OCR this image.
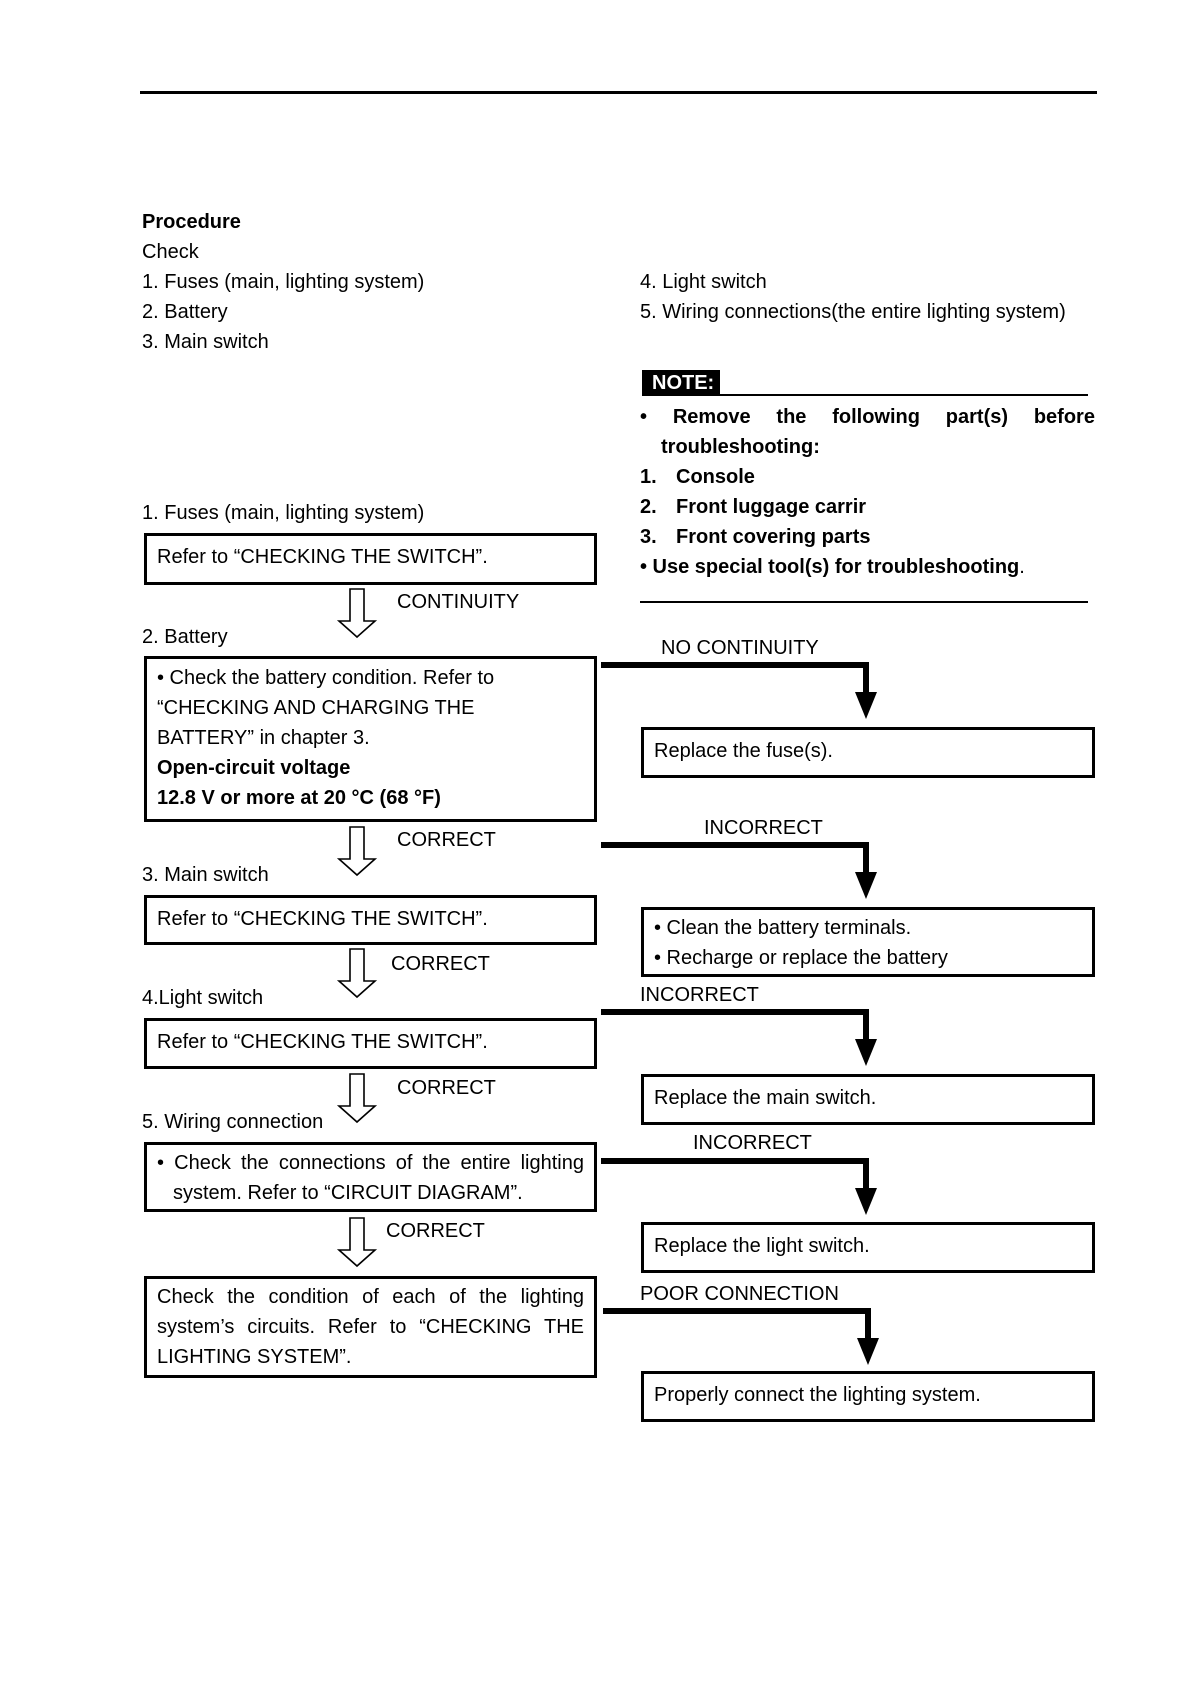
Procedure
Check
1. Fuses (main, lighting system)
2. Battery
3. Main switch
4. Light switch
5. Wiring connections(the entire lighting system)
NOTE:
• Remove the following part(s) before
troubleshooting:
1. Console
2. Front luggage carrir
3. Front covering parts
• Use special tool(s) for troubleshooting.
1. Fuses (main, lighting system)
Refer to “CHECKING THE SWITCH”.
CONTINUITY
NO CONTINUITY
Replace the fuse(s).
2. Battery
• Check the battery condition. Refer to
“CHECKING AND CHARGING THE
BATTERY” in chapter 3.
Open-circuit voltage
12.8 V or more at 20 °C (68 °F)
CORRECT
INCORRECT
• Clean the battery terminals.
• Recharge or replace the battery
3. Main switch
Refer to “CHECKING THE SWITCH”.
CORRECT
INCORRECT
Replace the main switch.
4.Light switch
Refer to “CHECKING THE SWITCH”.
CORRECT
INCORRECT
Replace the light switch.
5. Wiring connection
• Check the connections of the entire lighting
system. Refer to “CIRCUIT DIAGRAM”.
CORRECT
POOR CONNECTION
Properly connect the lighting system.
Check the condition of each of the lighting
system’s circuits. Refer to “CHECKING THE
LIGHTING SYSTEM”.
